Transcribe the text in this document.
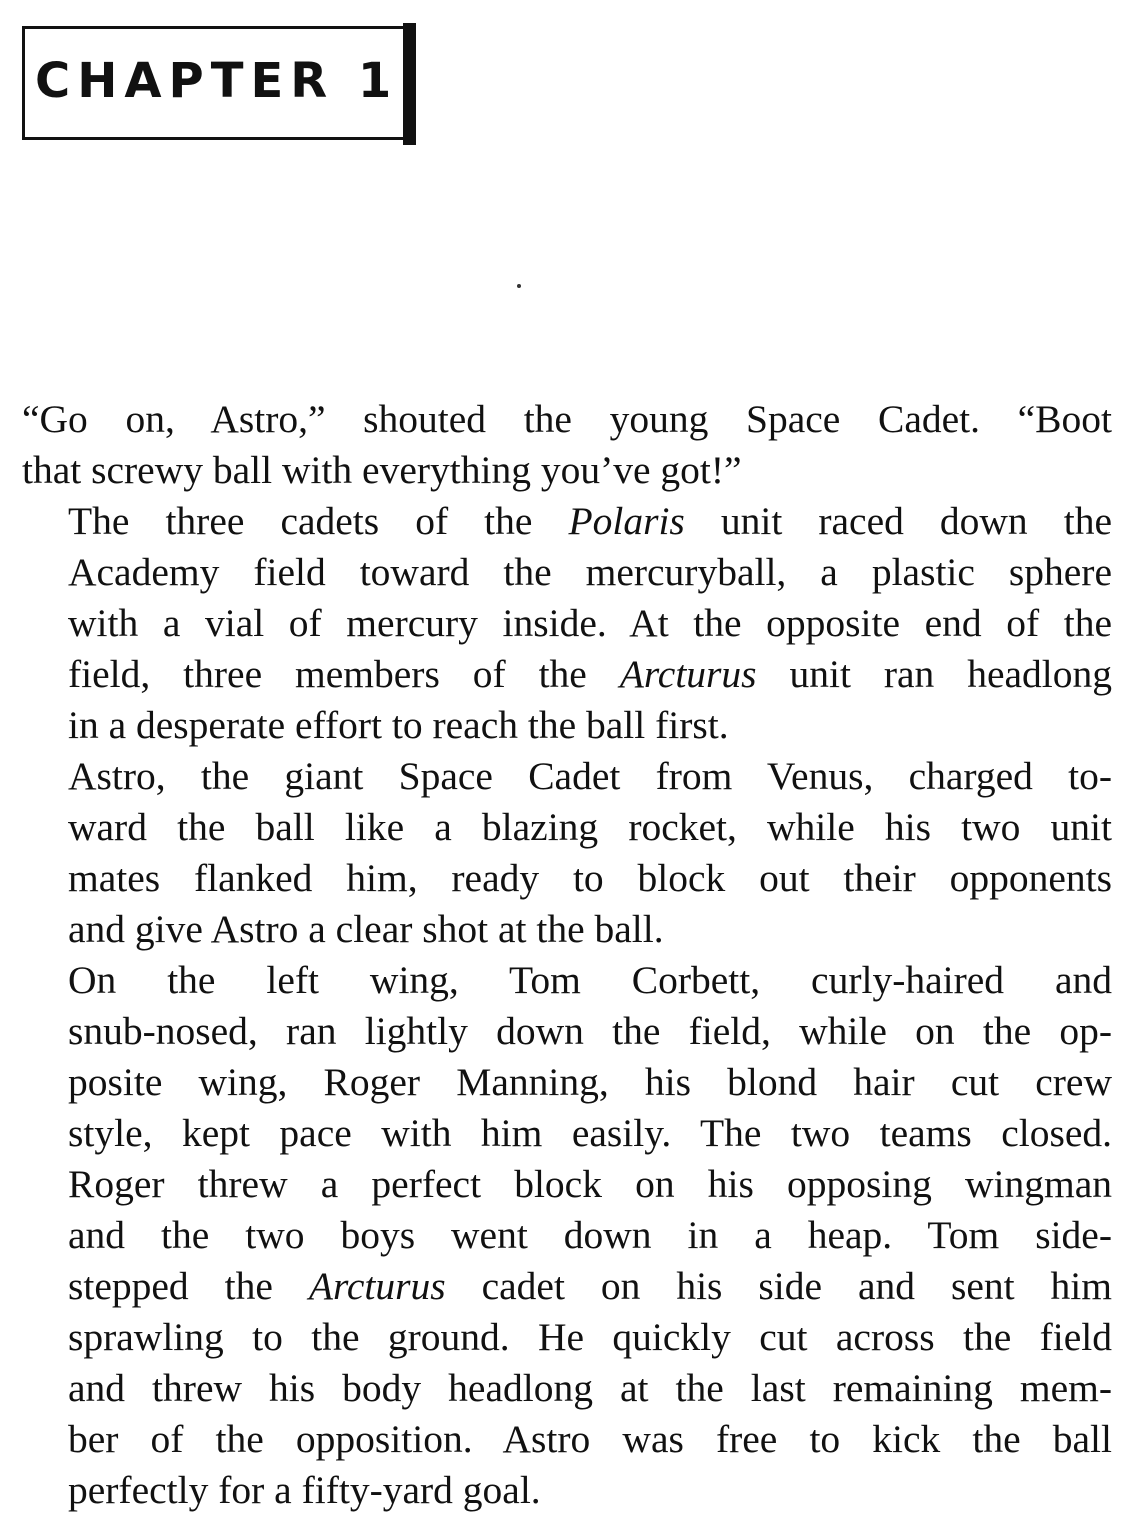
CHAPTER 1

“Go on, Astro,” shouted the young Space Cadet. “Boot
that screwy ball with everything you’ve got!”

The three cadets of the Polaris unit raced down the
Academy field toward the mercuryball, a plastic sphere
with a vial of mercury inside. At the opposite end of the
field, three members of the Arcturus unit ran headlong
in a desperate effort to reach the ball first.

Astro, the giant Space Cadet from Venus, charged to-
ward the ball like a blazing rocket, while his two unit
mates flanked him, ready to block out their opponents
and give Astro a clear shot at the ball.

On the left wing, Tom Corbett, curly-haired and
snub-nosed, ran lightly down the field, while on the op-
posite wing, Roger Manning, his blond hair cut crew
style, kept pace with him easily. The two teams closed.
Roger threw a perfect block on his opposing wingman
and the two boys went down in a heap. Tom side-
stepped the Arcturus cadet on his side and sent him
sprawling to the ground. He quickly cut across the field
and threw his body headlong at the last remaining mem-
ber of the opposition. Astro was free to kick the ball
perfectly for a fifty-yard goal.
